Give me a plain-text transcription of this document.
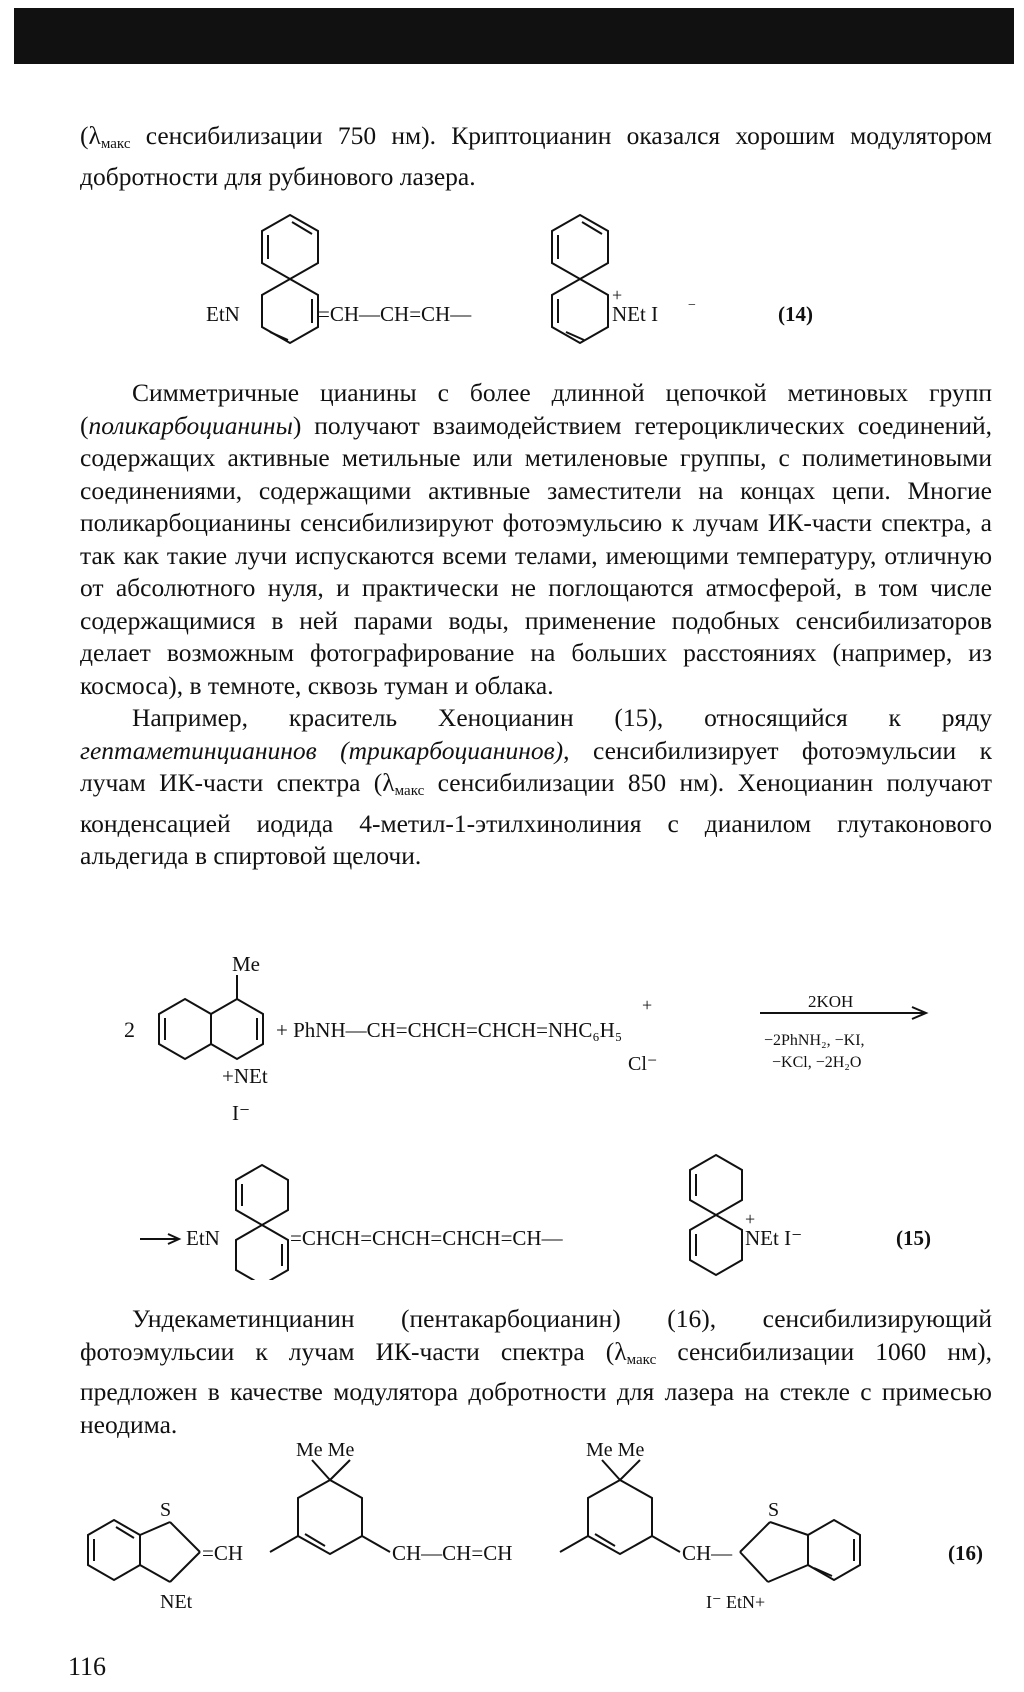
($\lambda_{макс}$ сенсибилизации 750 нм). Криптоцианин оказался хорошим модулятором добротности для рубинового лазера.

EtN	=CH—CH=CH—
+
NEt I −	(14)

Симметричные цианины с более длинной цепочкой метиновых групп (поликарбоцианины) получают взаимодействием гетероциклических соединений, содержащих активные метильные или метиленовые группы, с полиметиновыми соединениями, содержащими активные заместители на концах цепи. Многие поликарбоцианины сенсибилизируют фотоэмульсию к лучам ИК-части спектра, а так как такие лучи испускаются всеми телами, имеющими температуру, отличную от абсолютного нуля, и практически не поглощаются атмосферой, в том числе содержащимися в ней парами воды, применение подобных сенсибилизаторов делает возможным фотографирование на больших расстояниях (например, из космоса), в темноте, сквозь туман и облака.

Например, краситель Хеноцианин (15), относящийся к ряду гептаметинцианинов (трикарбоцианинов), сенсибилизирует фотоэмульсии к лучам ИК-части спектра ($\lambda_{макс}$ сенсибилизации 850 нм). Хеноцианин получают конденсацией иодида 4-метил-1-этилхинолиния с дианилом глутаконового альдегида в спиртовой щелочи.

Me
2
+NEt
I⁻
+ PhNH—CH=CHCH=CHCH=NHC₆H₅
+
Cl⁻
2KOH
−2PhNH₂, −KI,
−KCl, −2H₂O
EtN	=CHCH=CHCH=CHCH=CH—
+
NEt I⁻	(15)

Ундекаметинцианин (пентакарбоцианин) (16), сенсибилизирующий фотоэмульсии к лучам ИК-части спектра ($\lambda_{макс}$ сенсибилизации 1060 нм), предложен в качестве модулятора добротности для лазера на стекле с примесью неодима.

S
NEt
=CH
Me Me
CH—CH=CH
Me Me
CH—
S
I⁻ EtN+
(16)
116
